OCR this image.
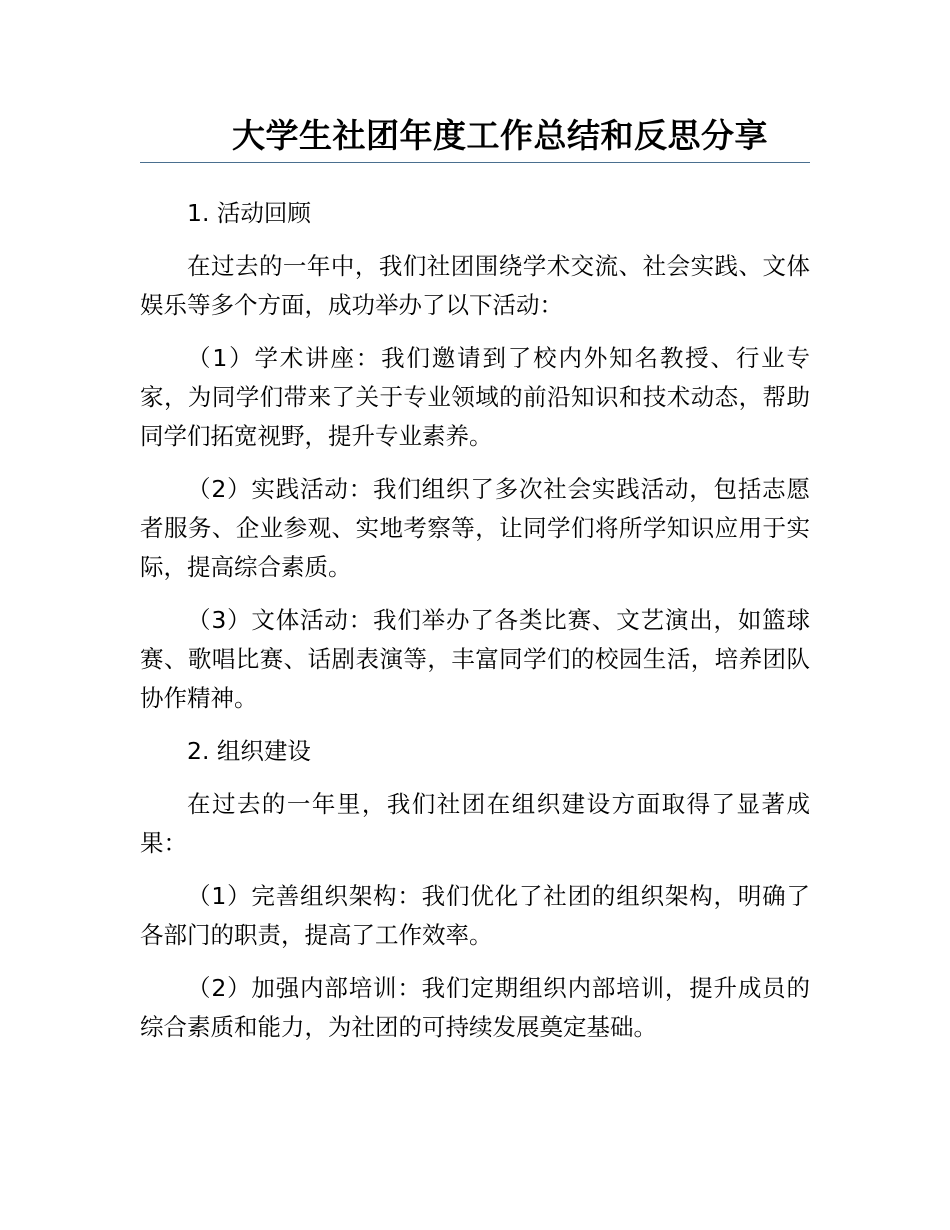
大学生社团年度工作总结和反思分享

1. 活动回顾

在过去的一年中，我们社团围绕学术交流、社会实践、文体娱乐等多个方面，成功举办了以下活动：

（1）学术讲座：我们邀请到了校内外知名教授、行业专家，为同学们带来了关于专业领域的前沿知识和技术动态，帮助同学们拓宽视野，提升专业素养。

（2）实践活动：我们组织了多次社会实践活动，包括志愿者服务、企业参观、实地考察等，让同学们将所学知识应用于实际，提高综合素质。

（3）文体活动：我们举办了各类比赛、文艺演出，如篮球赛、歌唱比赛、话剧表演等，丰富同学们的校园生活，培养团队协作精神。

2. 组织建设

在过去的一年里，我们社团在组织建设方面取得了显著成果：

（1）完善组织架构：我们优化了社团的组织架构，明确了各部门的职责，提高了工作效率。

（2）加强内部培训：我们定期组织内部培训，提升成员的综合素质和能力，为社团的可持续发展奠定基础。
